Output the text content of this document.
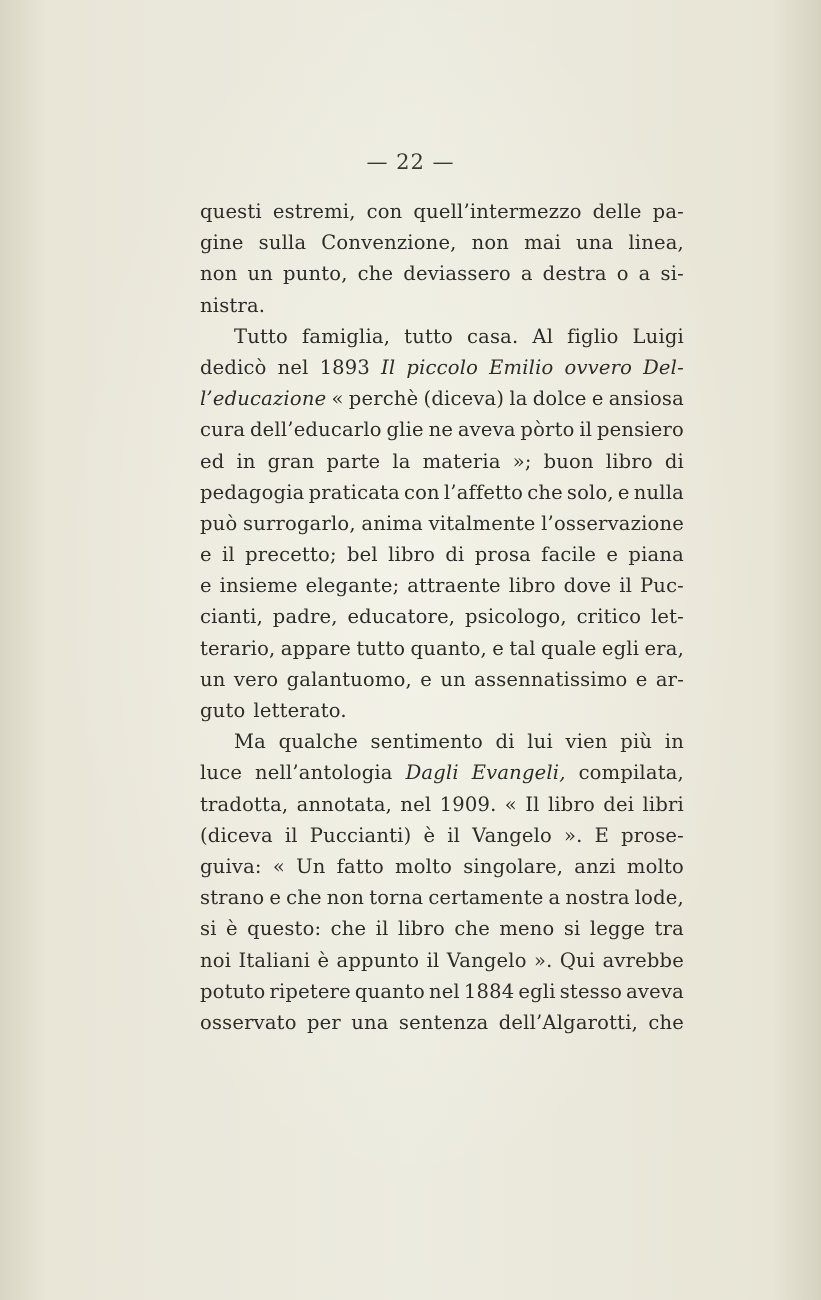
— 22 —
questi estremi, con quell’intermezzo delle pa-
gine sulla Convenzione, non mai una linea,
non un punto, che deviassero a destra o a si-
nistra.
Tutto famiglia, tutto casa. Al figlio Luigi
dedicò nel 1893 Il piccolo Emilio ovvero Del-
l’educazione « perchè (diceva) la dolce e ansiosa
cura dell’educarlo glie ne aveva pòrto il pensiero
ed in gran parte la materia »; buon libro di
pedagogia praticata con l’affetto che solo, e nulla
può surrogarlo, anima vitalmente l’osservazione
e il precetto; bel libro di prosa facile e piana
e insieme elegante; attraente libro dove il Puc-
cianti, padre, educatore, psicologo, critico let-
terario, appare tutto quanto, e tal quale egli era,
un vero galantuomo, e un assennatissimo e ar-
guto letterato.
Ma qualche sentimento di lui vien più in
luce nell’antologia Dagli Evangeli, compilata,
tradotta, annotata, nel 1909. « Il libro dei libri
(diceva il Puccianti) è il Vangelo ». E prose-
guiva: « Un fatto molto singolare, anzi molto
strano e che non torna certamente a nostra lode,
si è questo: che il libro che meno si legge tra
noi Italiani è appunto il Vangelo ». Qui avrebbe
potuto ripetere quanto nel 1884 egli stesso aveva
osservato per una sentenza dell’Algarotti, che
